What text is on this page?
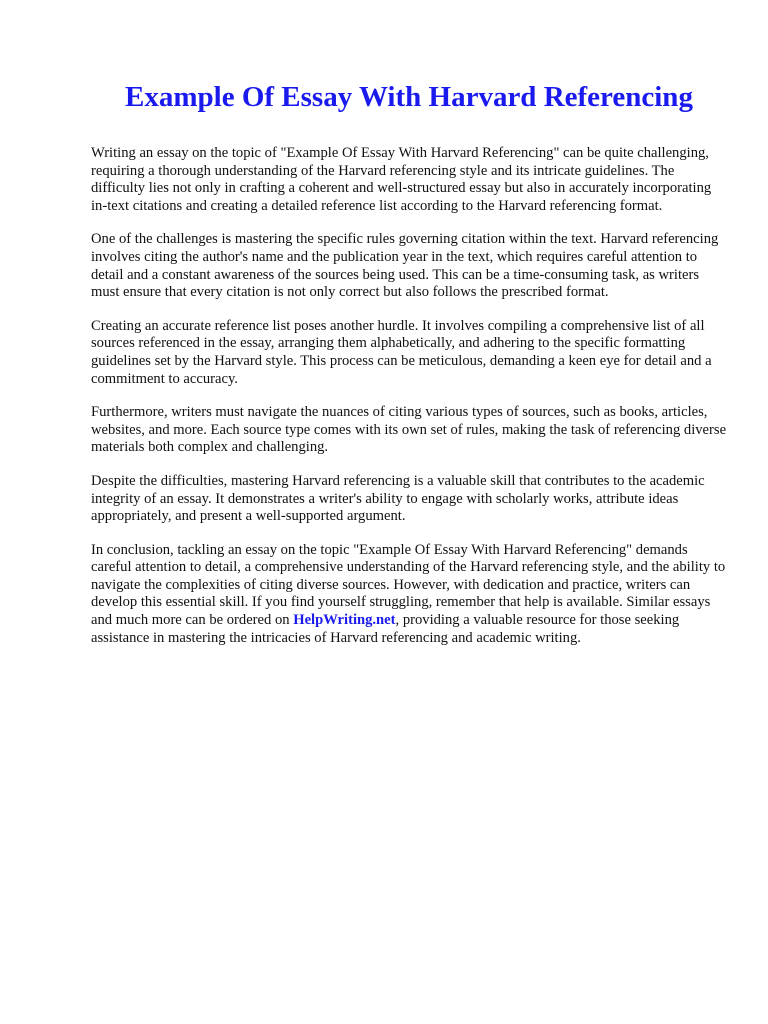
Example Of Essay With Harvard Referencing

Writing an essay on the topic of "Example Of Essay With Harvard Referencing" can be quite challenging, requiring a thorough understanding of the Harvard referencing style and its intricate guidelines. The difficulty lies not only in crafting a coherent and well-structured essay but also in accurately incorporating in-text citations and creating a detailed reference list according to the Harvard referencing format.

One of the challenges is mastering the specific rules governing citation within the text. Harvard referencing involves citing the author's name and the publication year in the text, which requires careful attention to detail and a constant awareness of the sources being used. This can be a time-consuming task, as writers must ensure that every citation is not only correct but also follows the prescribed format.

Creating an accurate reference list poses another hurdle. It involves compiling a comprehensive list of all sources referenced in the essay, arranging them alphabetically, and adhering to the specific formatting guidelines set by the Harvard style. This process can be meticulous, demanding a keen eye for detail and a commitment to accuracy.

Furthermore, writers must navigate the nuances of citing various types of sources, such as books, articles, websites, and more. Each source type comes with its own set of rules, making the task of referencing diverse materials both complex and challenging.

Despite the difficulties, mastering Harvard referencing is a valuable skill that contributes to the academic integrity of an essay. It demonstrates a writer's ability to engage with scholarly works, attribute ideas appropriately, and present a well-supported argument.

In conclusion, tackling an essay on the topic "Example Of Essay With Harvard Referencing" demands careful attention to detail, a comprehensive understanding of the Harvard referencing style, and the ability to navigate the complexities of citing diverse sources. However, with dedication and practice, writers can develop this essential skill. If you find yourself struggling, remember that help is available. Similar essays and much more can be ordered on HelpWriting.net, providing a valuable resource for those seeking assistance in mastering the intricacies of Harvard referencing and academic writing.
